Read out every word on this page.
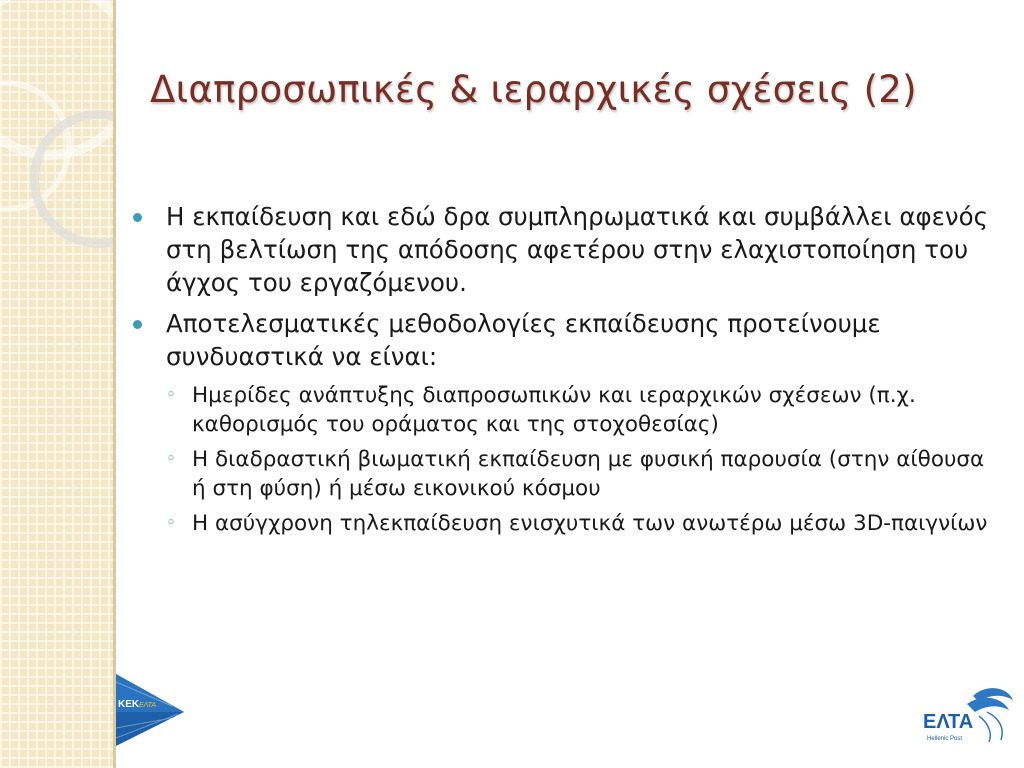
Διαπροσωπικές & ιεραρχικές σχέσεις (2)
Η εκπαίδευση και εδώ δρα συμπληρωματικά και συμβάλλει αφενός στη βελτίωση της απόδοσης αφετέρου στην ελαχιστοποίηση του άγχος του εργαζόμενου.
Αποτελεσματικές μεθοδολογίες εκπαίδευσης προτείνουμε συνδυαστικά να είναι:
◦ Ημερίδες ανάπτυξης διαπροσωπικών και ιεραρχικών σχέσεων (π.χ. καθορισμός του οράματος και της στοχοθεσίας)
◦ Η διαδραστική βιωματική εκπαίδευση με φυσική παρουσία (στην αίθουσα ή στη φύση) ή μέσω εικονικού κόσμου
◦ Η ασύγχρονη τηλεκπαίδευση ενισχυτικά των ανωτέρω μέσω 3D-παιγνίων
KEK ΕΛΤΑ
ΕΛΤΑ
Hellenic Post
